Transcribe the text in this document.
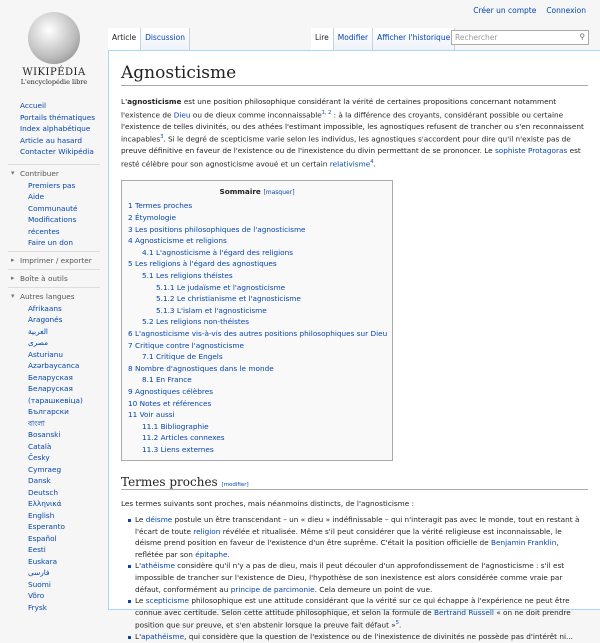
Créer un compte Connexion
WIKIPÉDIA
L'encyclopédie libre
Article	Discussion	Lire	Modifier	Afficher l'historique Rechercher	⚲
Accueil
Portails thématiques
Index alphabétique
Article au hasard
Contacter Wikipédia
▾ Contribuer
Premiers pas
Aide
Communauté
Modifications récentes
Faire un don
▸ Imprimer / exporter
▸ Boîte à outils
▾ Autres langues
Afrikaans
Aragonés
العربية
مصرى
Asturianu
Azərbaycanca
Беларуская
Беларуская (тарашкевіца)
Български
বাংলা
Bosanski
Català
Česky
Cymraeg
Dansk
Deutsch
Ελληνικά
English
Esperanto
Español
Eesti
Euskara
فارسی
Suomi
Võro
Frysk
Agnosticisme

L'agnosticisme est une position philosophique considérant la vérité de certaines propositions concernant notamment l'existence de Dieu ou de dieux comme inconnaissable$^{1, 2}$ : à la différence des croyants, considérant possible ou certaine l'existence de telles divinités, ou des athées l'estimant impossible, les agnostiques refusent de trancher ou s'en reconnaissent incapables$^3$. Si le degré de scepticisme varie selon les individus, les agnostiques s'accordent pour dire qu'il n'existe pas de preuve définitive en faveur de l'existence ou de l'inexistence du divin permettant de se prononcer. Le sophiste Protagoras est resté célèbre pour son agnosticisme avoué et un certain relativisme$^4$.

Sommaire [masquer]
1 Termes proches
2 Étymologie
3 Les positions philosophiques de l'agnosticisme
4 Agnosticisme et religions
4.1 L'agnosticisme à l'égard des religions
5 Les religions à l'égard des agnostiques
5.1 Les religions théistes
5.1.1 Le judaïsme et l'agnosticisme
5.1.2 Le christianisme et l'agnosticisme
5.1.3 L'islam et l'agnosticisme
5.2 Les religions non-théistes
6 L'agnosticisme vis-à-vis des autres positions philosophiques sur Dieu
7 Critique contre l'agnosticisme
7.1 Critique de Engels
8 Nombre d'agnostiques dans le monde
8.1 En France
9 Agnostiques célèbres
10 Notes et références
11 Voir aussi
11.1 Bibliographie
11.2 Articles connexes
11.3 Liens externes
Termes proches [modifier]

Les termes suivants sont proches, mais néanmoins distincts, de l'agnosticisme :

Le déisme postule un être transcendant – un « dieu » indéfinissable – qui n'interagit pas avec le monde, tout en restant à l'écart de toute religion révélée et ritualisée. Même s'il peut considérer que la vérité religieuse est inconnaissable, le déisme prend position en faveur de l'existence d'un être suprême. C'était la position officielle de Benjamin Franklin, reflétée par son épitaphe.
L'athéisme considère qu'il n'y a pas de dieu, mais il peut découler d'un approfondissement de l'agnosticisme : s'il est impossible de trancher sur l'existence de Dieu, l'hypothèse de son inexistence est alors considérée comme vraie par défaut, conformément au principe de parcimonie. Cela demeure un point de vue.
Le scepticisme philosophique est une attitude considérant que la vérité sur ce qui échappe à l'expérience ne peut être connue avec certitude. Selon cette attitude philosophique, et selon la formule de Bertrand Russell « on ne doit prendre position que sur preuve, et s'en abstenir lorsque la preuve fait défaut »$^5$.
L'apathéisme, qui considère que la question de l'existence ou de l'inexistence de divinités ne possède pas d'intérêt ni...
